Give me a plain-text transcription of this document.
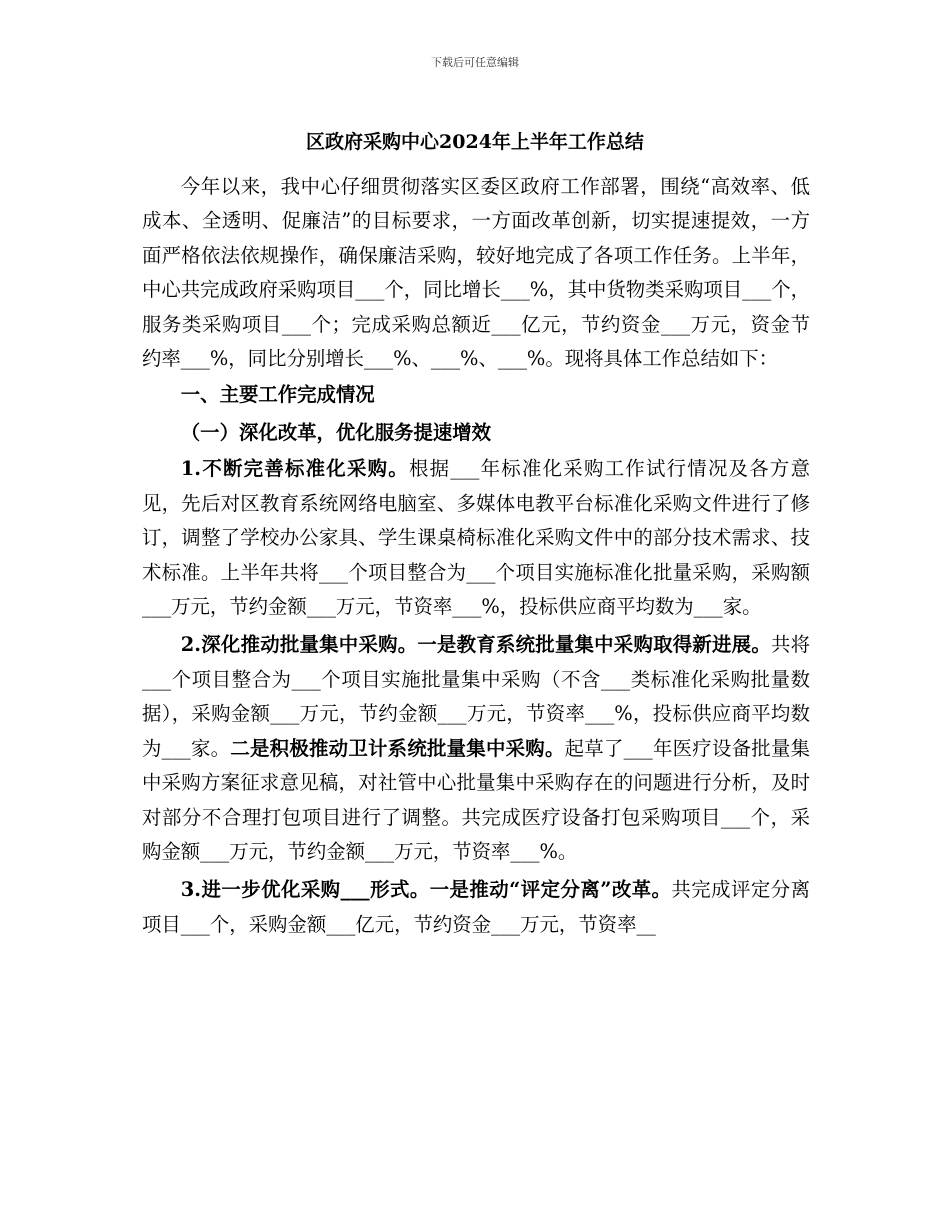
下载后可任意编辑
区政府采购中心2024年上半年工作总结

今年以来，我中心仔细贯彻落实区委区政府工作部署，围绕“高效率、低成本、全透明、促廉洁”的目标要求，一方面改革创新，切实提速提效，一方面严格依法依规操作，确保廉洁采购，较好地完成了各项工作任务。上半年，中心共完成政府采购项目___个，同比增长___%，其中货物类采购项目___个，服务类采购项目___个；完成采购总额近___亿元，节约资金___万元，资金节约率___%，同比分别增长___%、___%、___%。现将具体工作总结如下：

一、主要工作完成情况

（一）深化改革，优化服务提速增效

1.不断完善标准化采购。根据___年标准化采购工作试行情况及各方意见，先后对区教育系统网络电脑室、多媒体电教平台标准化采购文件进行了修订，调整了学校办公家具、学生课桌椅标准化采购文件中的部分技术需求、技术标准。上半年共将___个项目整合为___个项目实施标准化批量采购，采购额___万元，节约金额___万元，节资率___%，投标供应商平均数为___家。

2.深化推动批量集中采购。一是教育系统批量集中采购取得新进展。共将___个项目整合为___个项目实施批量集中采购（不含___类标准化采购批量数据），采购金额___万元，节约金额___万元，节资率___%，投标供应商平均数为___家。二是积极推动卫计系统批量集中采购。起草了___年医疗设备批量集中采购方案征求意见稿，对社管中心批量集中采购存在的问题进行分析，及时对部分不合理打包项目进行了调整。共完成医疗设备打包采购项目___个，采购金额___万元，节约金额___万元，节资率___%。

3.进一步优化采购___形式。一是推动“评定分离”改革。共完成评定分离项目___个，采购金额___亿元，节约资金___万元，节资率__
